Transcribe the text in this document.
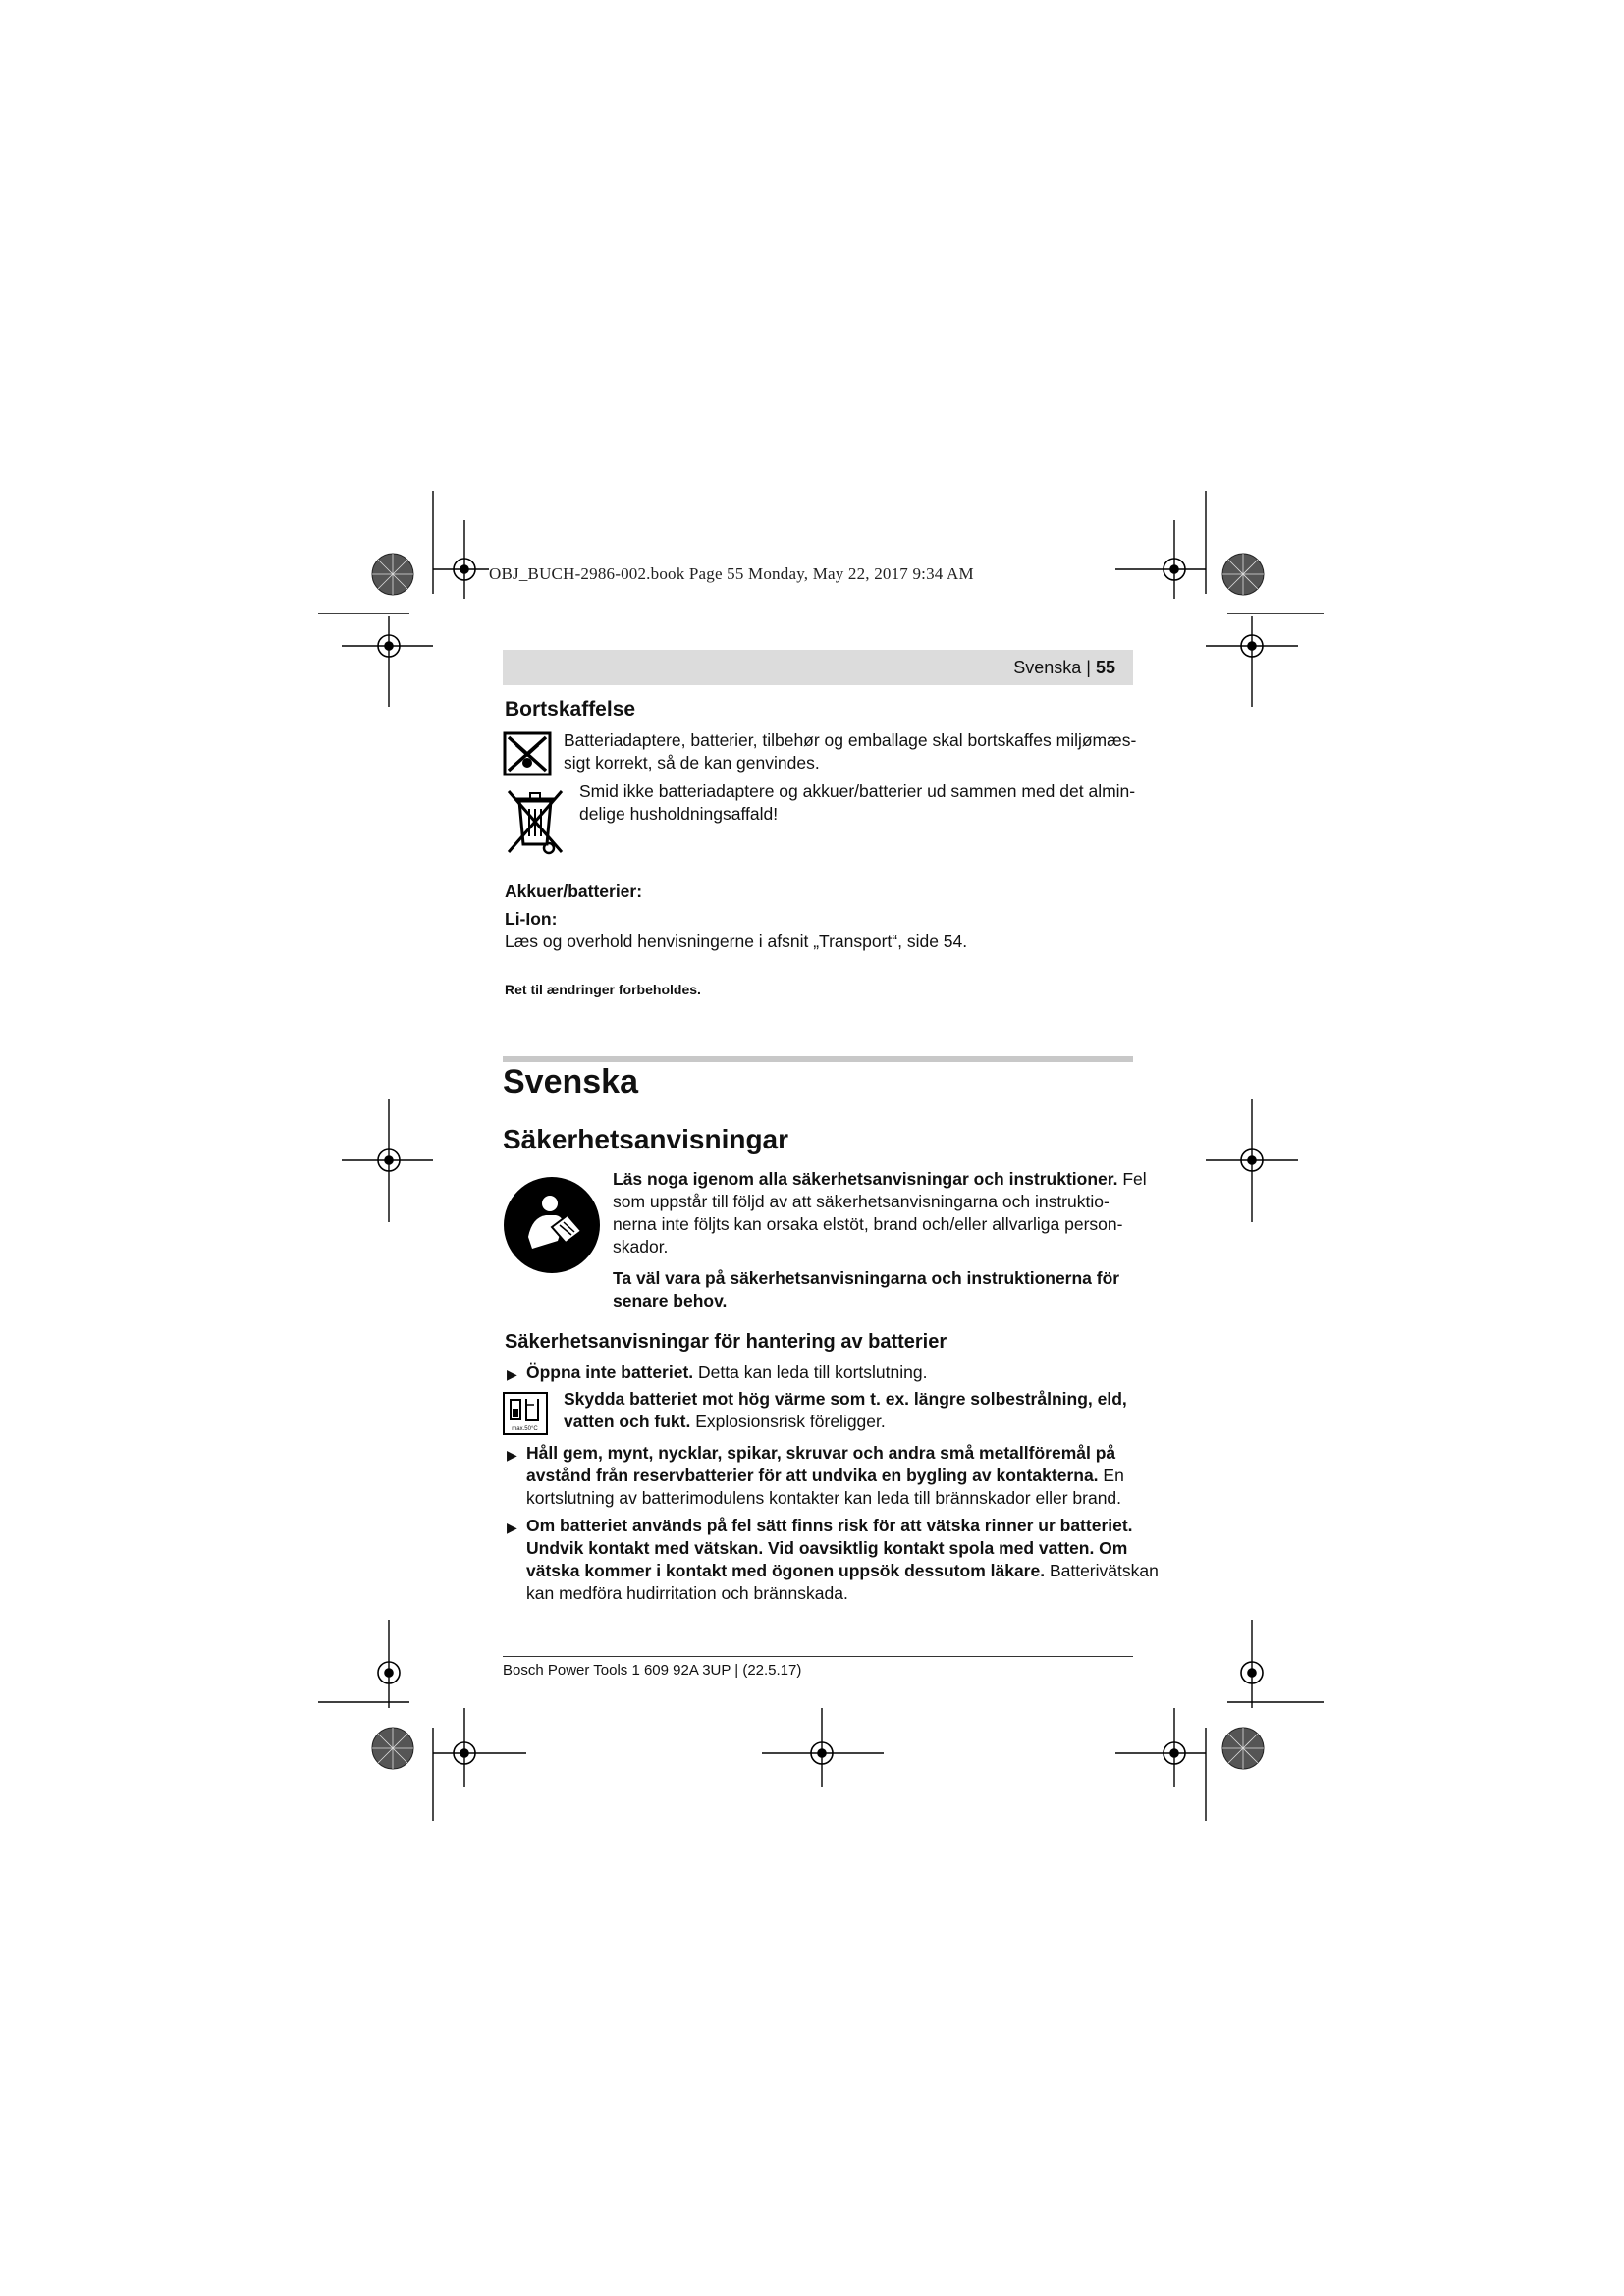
OBJ_BUCH-2986-002.book Page 55 Monday, May 22, 2017 9:34 AM
Svenska | 55
Bortskaffelse
Batteriadaptere, batterier, tilbehør og emballage skal bortskaffes miljømæs-
sigt korrekt, så de kan genvindes.
Smid ikke batteriadaptere og akkuer/batterier ud sammen med det almin-
delige husholdningsaffald!
Akkuer/batterier:
Li-Ion:
Læs og overhold henvisningerne i afsnit „Transport“, side 54.
Ret til ændringer forbeholdes.
Svenska
Säkerhetsanvisningar
Läs noga igenom alla säkerhetsanvisningar och instruktioner. Fel
som uppstår till följd av att säkerhetsanvisningarna och instruktio-
nerna inte följts kan orsaka elstöt, brand och/eller allvarliga person-
skador.
Ta väl vara på säkerhetsanvisningarna och instruktionerna för
senare behov.
Säkerhetsanvisningar för hantering av batterier
▶ Öppna inte batteriet. Detta kan leda till kortslutning.
max.50°C
Skydda batteriet mot hög värme som t. ex. längre solbestrålning, eld,
vatten och fukt. Explosionsrisk föreligger.
▶ Håll gem, mynt, nycklar, spikar, skruvar och andra små metallföremål på
avstånd från reservbatterier för att undvika en bygling av kontakterna. En
kortslutning av batterimodulens kontakter kan leda till brännskador eller brand.
▶ Om batteriet används på fel sätt finns risk för att vätska rinner ur batteriet.
Undvik kontakt med vätskan. Vid oavsiktlig kontakt spola med vatten. Om
vätska kommer i kontakt med ögonen uppsök dessutom läkare. Batterivätskan
kan medföra hudirritation och brännskada.
Bosch Power Tools 1 609 92A 3UP | (22.5.17)
